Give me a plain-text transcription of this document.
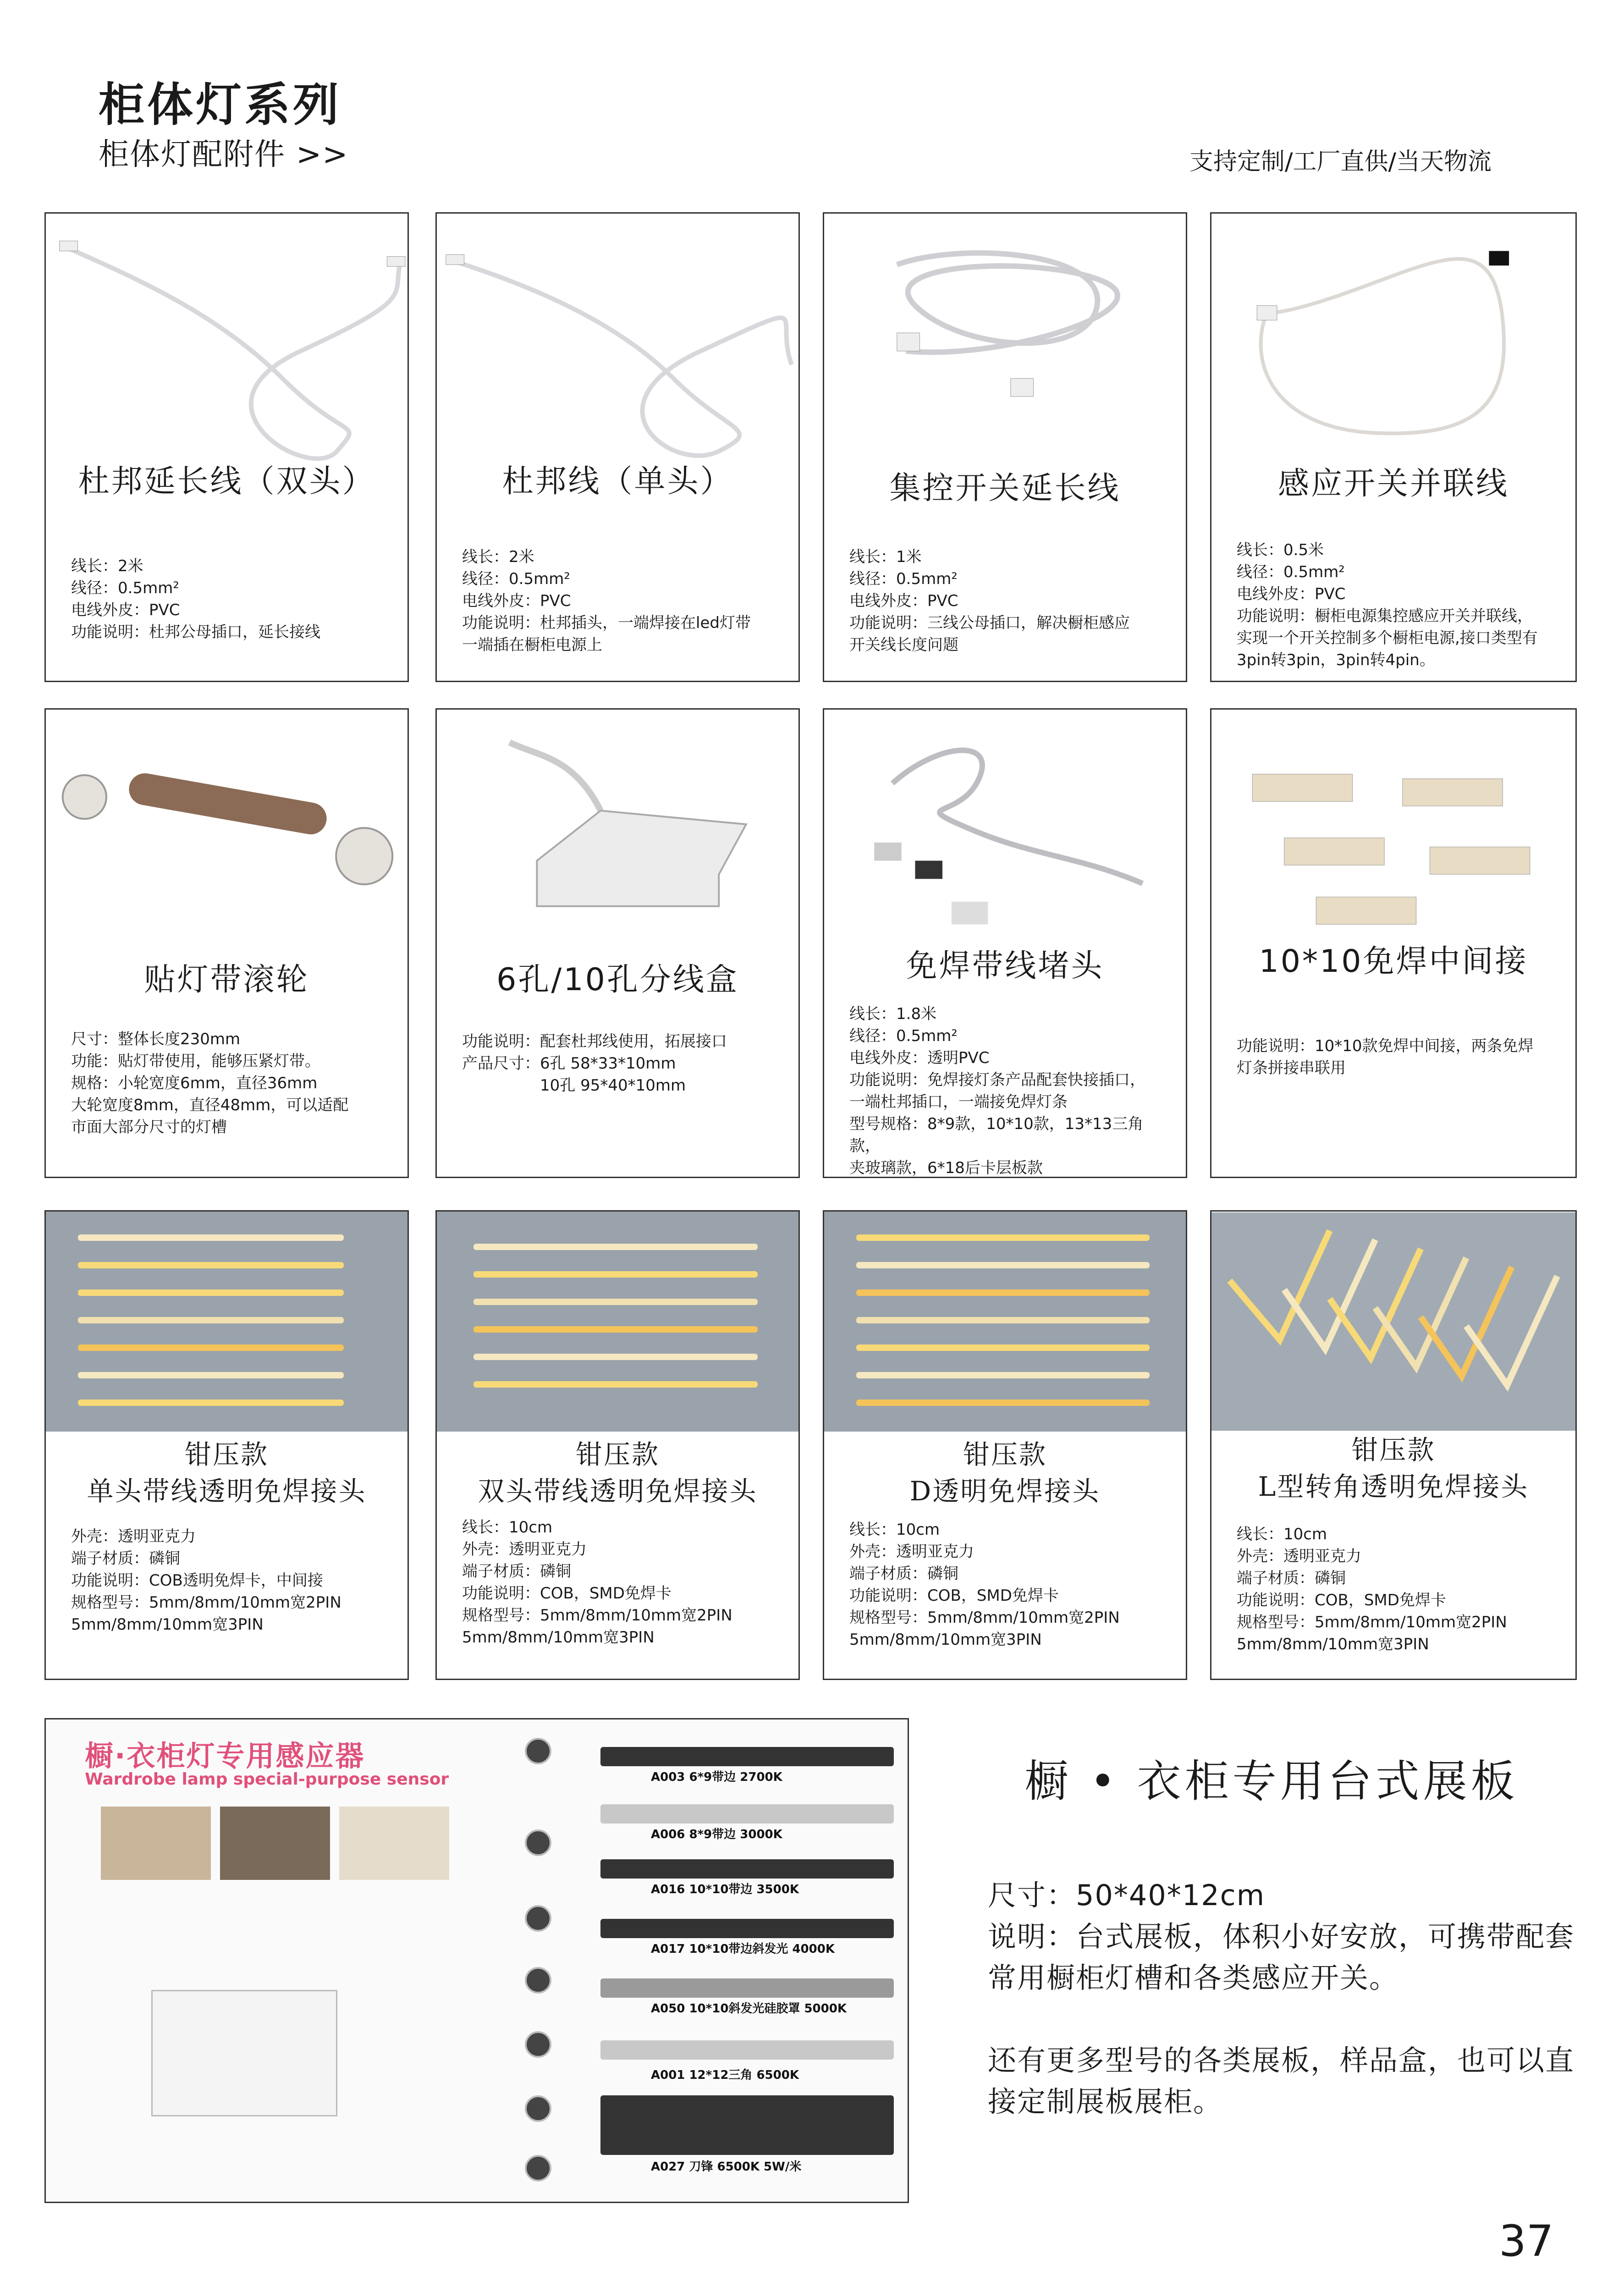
柜体灯系列
柜体灯配附件 >>	支持定制/工厂直供/当天物流
杜邦延长线（双头）
线长：2米
线径：0.5mm²
电线外皮：PVC
功能说明：杜邦公母插口，延长接线
杜邦线（单头）
线长：2米
线径：0.5mm²
电线外皮：PVC
功能说明：杜邦插头，一端焊接在led灯带
一端插在橱柜电源上
集控开关延长线
线长：1米
线径：0.5mm²
电线外皮：PVC
功能说明：三线公母插口，解决橱柜感应
开关线长度问题
感应开关并联线
线长：0.5米
线径：0.5mm²
电线外皮：PVC
功能说明：橱柜电源集控感应开关并联线，
实现一个开关控制多个橱柜电源,接口类型有
3pin转3pin，3pin转4pin。
贴灯带滚轮
尺寸：整体长度230mm
功能：贴灯带使用，能够压紧灯带。
规格：小轮宽度6mm，直径36mm
大轮宽度8mm，直径48mm，可以适配
市面大部分尺寸的灯槽
6孔/10孔分线盒
功能说明：配套杜邦线使用，拓展接口
产品尺寸：6孔 58*33*10mm
　　　　　10孔 95*40*10mm
免焊带线堵头
线长：1.8米
线径：0.5mm²
电线外皮：透明PVC
功能说明：免焊接灯条产品配套快接插口，
一端杜邦插口，一端接免焊灯条
型号规格：8*9款，10*10款，13*13三角款，
夹玻璃款，6*18后卡层板款
10*10免焊中间接
功能说明：10*10款免焊中间接，两条免焊
灯条拼接串联用
钳压款
单头带线透明免焊接头
外壳：透明亚克力
端子材质：磷铜
功能说明：COB透明免焊卡，中间接
规格型号：5mm/8mm/10mm宽2PIN
5mm/8mm/10mm宽3PIN
钳压款
双头带线透明免焊接头
线长：10cm
外壳：透明亚克力
端子材质：磷铜
功能说明：COB，SMD免焊卡
规格型号：5mm/8mm/10mm宽2PIN
5mm/8mm/10mm宽3PIN
钳压款
D透明免焊接头
线长：10cm
外壳：透明亚克力
端子材质：磷铜
功能说明：COB，SMD免焊卡
规格型号：5mm/8mm/10mm宽2PIN
5mm/8mm/10mm宽3PIN
钳压款
L型转角透明免焊接头
线长：10cm
外壳：透明亚克力
端子材质：磷铜
功能说明：COB，SMD免焊卡
规格型号：5mm/8mm/10mm宽2PIN
5mm/8mm/10mm宽3PIN
橱·衣柜灯专用感应器
Wardrobe lamp special-purpose sensor	A003 6*9带边 2700K
A006 8*9带边 3000K
A016 10*10带边 3500K
A017 10*10带边斜发光 4000K
A050 10*10斜发光硅胶罩 5000K
A001 12*12三角 6500K
A027 刀锋 6500K 5W/米
橱 • 衣柜专用台式展板
尺寸：50*40*12cm
说明：台式展板，体积小好安放，可携带配套常用橱柜灯槽和各类感应开关。
还有更多型号的各类展板，样品盒，也可以直接定制展板展柜。
37
